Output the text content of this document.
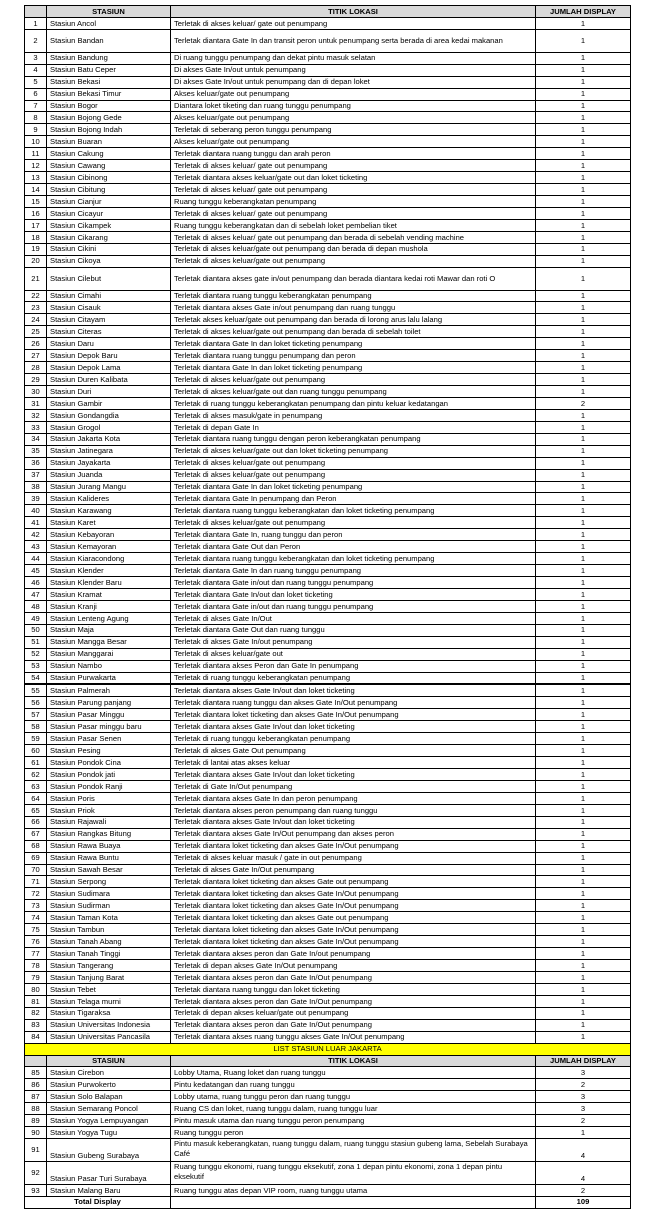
	STASIUN	TITIK LOKASI	JUMLAH DISPLAY
1	Stasiun Ancol	Terletak di akses keluar/ gate out penumpang	1
2	Stasiun Bandan	Terletak diantara Gate In dan transit peron untuk penumpang serta berada di area kedai makanan	1
3	Stasiun Bandung	Di ruang tunggu penumpang dan dekat pintu masuk selatan	1
4	Stasiun Batu Ceper	Di akses Gate In/out untuk penumpang	1
5	Stasiun Bekasi	Di akses Gate In/out untuk penumpang dan di depan loket	1
6	Stasiun Bekasi Timur	Akses keluar/gate out penumpang	1
7	Stasiun Bogor	Diantara loket tiketing dan ruang tunggu penumpang	1
8	Stasiun Bojong Gede	Akses keluar/gate out penumpang	1
9	Stasiun Bojong Indah	Terletak di seberang peron tunggu penumpang	1
10	Stasiun Buaran	Akses keluar/gate out penumpang	1
11	Stasiun Cakung	Terletak diantara ruang tunggu dan arah peron	1
12	Stasiun Cawang	Terletak di akses keluar/ gate out penumpang	1
13	Stasiun Cibinong	Terletak diantara akses keluar/gate out dan loket ticketing	1
14	Stasiun Cibitung	Terletak di akses keluar/ gate out penumpang	1
15	Stasiun Cianjur	Ruang tunggu keberangkatan penumpang	1
16	Stasiun Cicayur	Terletak di akses keluar/ gate out penumpang	1
17	Stasiun Cikampek	Ruang tunggu keberangkatan dan di sebelah loket pembelian tiket	1
18	Stasiun Cikarang	Terletak di akses keluar/ gate out penumpang dan berada di sebelah vending machine	1
19	Stasiun Cikini	Terletak di akses keluar/gate out penumpang dan berada di depan mushola	1
20	Stasiun Cikoya	Terletak di akses keluar/gate out penumpang	1
21	Stasiun Cilebut	Terletak diantara akses gate in/out penumpang dan berada diantara kedai roti Mawar dan roti O	1
22	Stasiun Cimahi	Terletak diantara ruang tunggu keberangkatan penumpang	1
23	Stasiun Cisauk	Terletak diantara akses Gate in/out penumpang dan ruang tunggu	1
24	Stasiun Citayam	Terletak akses keluar/gate out penumpang dan berada di lorong arus lalu lalang	1
25	Stasiun Citeras	Terletak di akses keluar/gate out penumpang dan berada di sebelah toilet	1
26	Stasiun Daru	Terletak diantara Gate In dan loket ticketing penumpang	1
27	Stasiun Depok Baru	Terletak diantara ruang tunggu penumpang dan peron	1
28	Stasiun Depok Lama	Terletak diantara Gate In dan loket ticketing penumpang	1
29	Stasiun Duren Kalibata	Terletak di akses keluar/gate out penumpang	1
30	Stasiun Duri	Terletak di akses keluar/gate out dan ruang tunggu penumpang	1
31	Stasiun Gambir	Terletak di ruang tunggu keberangkatan penumpang dan pintu keluar kedatangan	2
32	Stasiun Gondangdia	Terletak di akses masuk/gate in penumpang	1
33	Stasiun Grogol	Terletak di depan Gate In	1
34	Stasiun Jakarta Kota	Terletak diantara ruang tunggu dengan peron keberangkatan penumpang	1
35	Stasiun Jatinegara	Terletak di akses keluar/gate out dan loket ticketing penumpang	1
36	Stasiun Jayakarta	Terletak di akses keluar/gate out penumpang	1
37	Stasiun Juanda	Terletak di akses keluar/gate out penumpang	1
38	Stasiun Jurang Mangu	Terletak diantara Gate In dan loket ticketing penumpang	1
39	Stasiun Kalideres	Terletak diantara Gate In penumpang dan Peron	1
40	Stasiun Karawang	Terletak diantara ruang tunggu keberangkatan dan loket ticketing penumpang	1
41	Stasiun Karet	Terletak di akses keluar/gate out penumpang	1
42	Stasiun Kebayoran	Terletak diantara Gate In, ruang tunggu dan peron	1
43	Stasiun Kemayoran	Terletak diantara Gate Out dan Peron	1
44	Stasiun Kiaracondong	Terletak diantara ruang tunggu keberangkatan dan loket ticketing penumpang	1
45	Stasiun Klender	Terletak diantara Gate In dan ruang tunggu penumpang	1
46	Stasiun Klender Baru	Terletak diantara Gate in/out dan ruang tunggu penumpang	1
47	Stasiun Kramat	Terletak diantara Gate In/out dan loket ticketing	1
48	Stasiun Kranji	Terletak diantara Gate in/out dan ruang tunggu penumpang	1
49	Stasiun Lenteng Agung	Terletak di akses Gate In/Out	1
50	Stasiun Maja	Terletak diantara Gate Out dan ruang tunggu	1
51	Stasiun Mangga Besar	Terletak di akses Gate In/out penumpang	1
52	Stasiun Manggarai	Terletak di akses keluar/gate out	1
53	Stasiun Nambo	Terletak diantara akses Peron dan Gate In penumpang	1
54	Stasiun Purwakarta	Terletak di ruang tunggu keberangkatan penumpang	1
55	Stasiun Palmerah	Terletak diantara akses Gate In/out dan loket ticketing	1
56	Stasiun Parung panjang	Terletak diantara ruang tunggu dan akses Gate In/Out penumpang	1
57	Stasiun Pasar Minggu	Terletak diantara loket ticketing dan akses Gate In/Out penumpang	1
58	Stasiun Pasar minggu baru	Terletak diantara akses Gate In/out dan loket ticketing	1
59	Stasiun Pasar Senen	Terletak di ruang tunggu keberangkatan penumpang	1
60	Stasiun Pesing	Terletak di akses Gate Out penumpang	1
61	Stasiun Pondok Cina	Terletak di lantai atas akses keluar	1
62	Stasiun Pondok jati	Terletak diantara akses Gate In/out dan loket ticketing	1
63	Stasiun Pondok Ranji	Terletak di Gate In/Out penumpang	1
64	Stasiun Poris	Terletak diantara akses Gate In dan peron penumpang	1
65	Stasiun Priok	Terletak diantara akses peron penumpang dan ruang tunggu	1
66	Stasiun Rajawali	Terletak diantara akses Gate In/out dan loket ticketing	1
67	Stasiun Rangkas Bitung	Terletak diantara akses Gate In/Out penumpang dan akses peron	1
68	Stasiun Rawa Buaya	Terletak diantara loket ticketing dan akses Gate In/Out penumpang	1
69	Stasiun Rawa Buntu	Terletak di akses keluar masuk / gate in out penumpang	1
70	Stasiun Sawah Besar	Terletak di akses Gate In/Out penumpang	1
71	Stasiun Serpong	Terletak diantara loket ticketing dan akses Gate out penumpang	1
72	Stasiun Sudimara	Terletak diantara loket ticketing dan akses Gate In/Out penumpang	1
73	Stasiun Sudirman	Terletak diantara loket ticketing dan akses Gate In/Out penumpang	1
74	Stasiun Taman Kota	Terletak diantara loket ticketing dan akses Gate out penumpang	1
75	Stasiun Tambun	Terletak diantara loket ticketing dan akses Gate In/Out penumpang	1
76	Stasiun Tanah Abang	Terletak diantara loket ticketing dan akses Gate In/Out penumpang	1
77	Stasiun Tanah Tinggi	Terletak diantara akses peron dan Gate In/out penumpang	1
78	Stasiun Tangerang	Terletak di depan akses Gate In/Out penumpang	1
79	Stasiun Tanjung Barat	Terletak diantara akses peron dan Gate In/Out penumpang	1
80	Stasiun Tebet	Terletak diantara ruang tunggu dan loket ticketing	1
81	Stasiun Telaga murni	Terletak diantara akses peron dan Gate In/Out penumpang	1
82	Stasiun Tigaraksa	Terletak di depan akses keluar/gate out penumpang	1
83	Stasiun Universitas Indonesia	Terletak diantara akses peron dan Gate In/Out penumpang	1
84	Stasiun Universitas Pancasila	Terletak diantara akses ruang tunggu akses Gate In/Out penumpang	1
LIST STASIUN LUAR JAKARTA			
	STASIUN	TITIK LOKASI	JUMLAH DISPLAY
85	Stasiun Cirebon	Lobby Utama, Ruang loket dan ruang tunggu	3
86	Stasiun Purwokerto	Pintu kedatangan dan ruang tunggu	2
87	Stasiun Solo Balapan	Lobby utama, ruang tunggu peron dan ruang tunggu	3
88	Stasiun Semarang Poncol	Ruang CS dan loket, ruang tunggu dalam, ruang tunggu luar	3
89	Stasiun Yogya Lempuyangan	Pintu masuk utama dan ruang tunggu peron penumpang	2
90	Stasiun Yogya Tugu	Ruang tunggu peron	1
91	Stasiun Gubeng Surabaya	Pintu masuk keberangkatan, ruang tunggu dalam, ruang tunggu stasiun gubeng lama, Sebelah Surabaya Café	4
92	Stasiun Pasar Turi Surabaya	Ruang tunggu ekonomi, ruang tunggu eksekutif, zona 1 depan pintu ekonomi, zona 1 depan pintu eksekutif	4
93	Stasiun Malang Baru	Ruang tunggu atas depan VIP room, ruang tunggu utama	2
Total Display			109
